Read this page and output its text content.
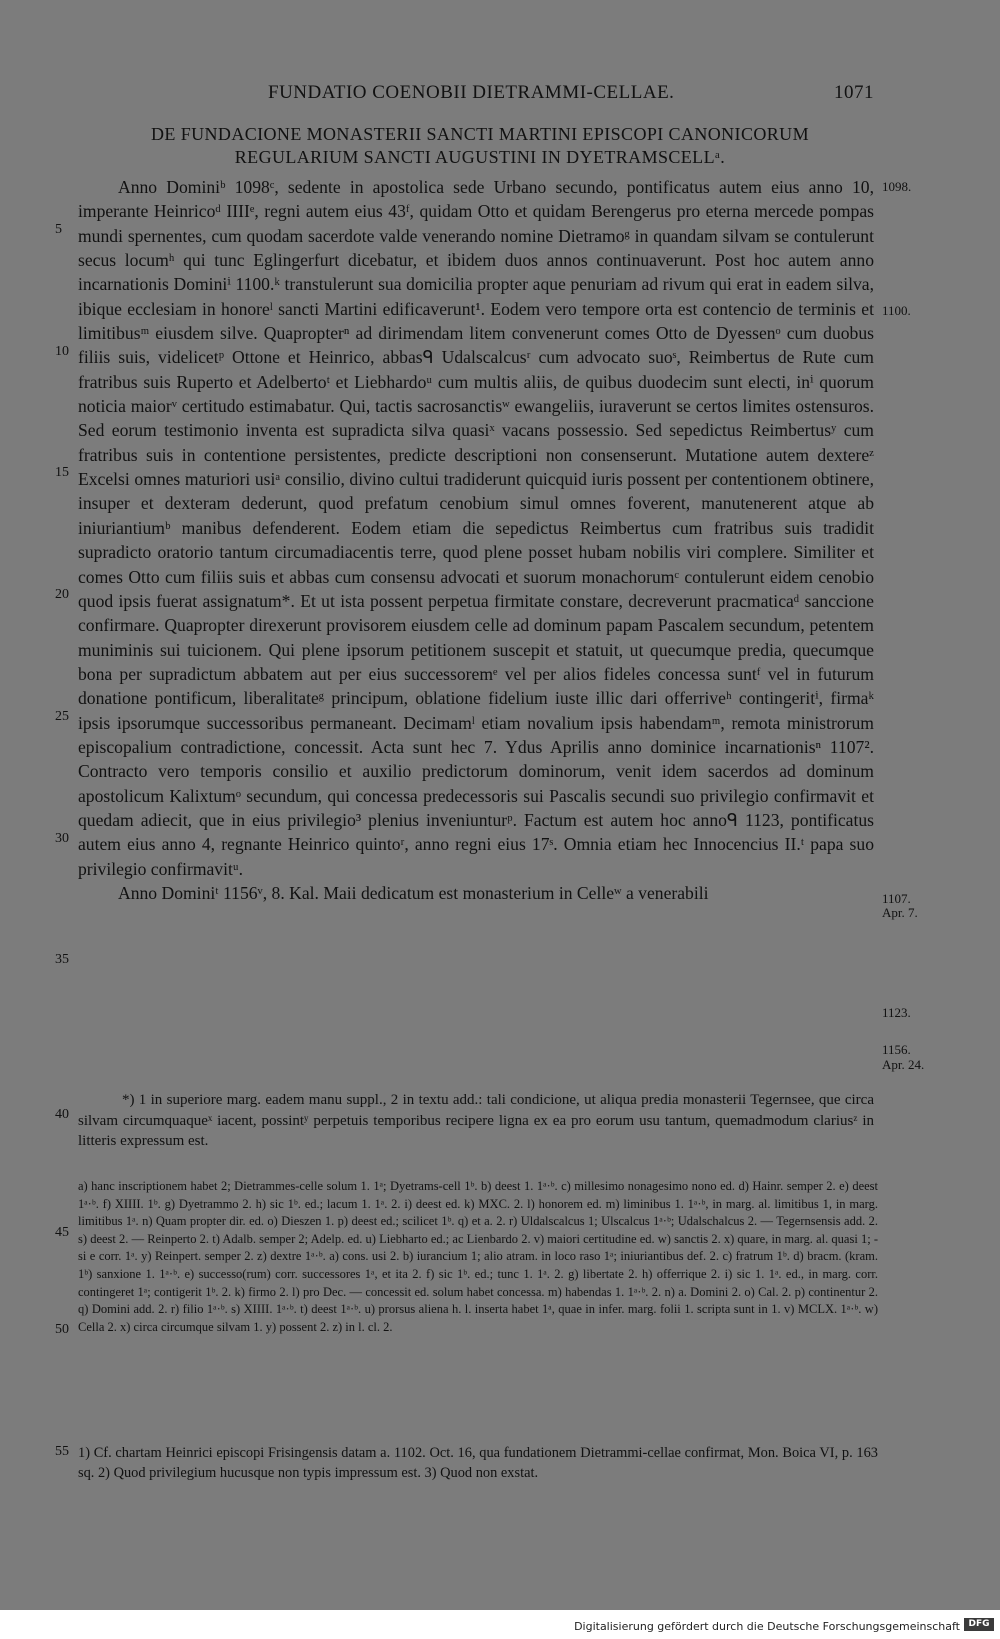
FUNDATIO COENOBII DIETRAMMI-CELLAE.	1071
DE FUNDACIONE MONASTERII SANCTI MARTINI EPISCOPI CANONICORUM
REGULARIUM SANCTI AUGUSTINI IN DYETRAMSCELLᵃ.

Anno Dominiᵇ 1098ᶜ, sedente in apostolica sede Urbano secundo, pontificatus autem eius anno 10, imperante Heinricoᵈ IIIIᵉ, regni autem eius 43ᶠ, quidam Otto et quidam Berengerus pro eterna mercede pompas mundi spernentes, cum quodam sacerdote valde venerando nomine Dietramoᵍ in quandam silvam se contulerunt secus locumʰ qui tunc Eglingerfurt dicebatur, et ibidem duos annos continuaverunt. Post hoc autem anno incarnationis Dominiⁱ 1100.ᵏ transtulerunt sua domicilia propter aque penuriam ad rivum qui erat in eadem silva, ibique ecclesiam in honoreˡ sancti Martini edificaverunt¹. Eodem vero tempore orta est contencio de terminis et limitibusᵐ eiusdem silve. Quapropterⁿ ad dirimendam litem convenerunt comes Otto de Dyessenᵒ cum duobus filiis suis, videlicetᵖ Ottone et Heinrico, abbasᑫ Udalscalcusʳ cum advocato suoˢ, Reimbertus de Rute cum fratribus suis Ruperto et Adelbertoᵗ et Liebhardoᵘ cum multis aliis, de quibus duodecim sunt electi, inⁱ quorum noticia maiorᵛ certitudo estimabatur. Qui, tactis sacrosanctisʷ ewangeliis, iuraverunt se certos limites ostensuros. Sed eorum testimonio inventa est supradicta silva quasiˣ vacans possessio. Sed sepedictus Reimbertusʸ cum fratribus suis in contentione persistentes, predicte descriptioni non consenserunt. Mutatione autem dextereᶻ Excelsi omnes maturiori usiᵃ consilio, divino cultui tradiderunt quicquid iuris possent per contentionem obtinere, insuper et dexteram dederunt, quod prefatum cenobium simul omnes foverent, manutenerent atque ab iniuriantiumᵇ manibus defenderent. Eodem etiam die sepedictus Reimbertus cum fratribus suis tradidit supradicto oratorio tantum circumadiacentis terre, quod plene posset hubam nobilis viri complere. Similiter et comes Otto cum filiis suis et abbas cum consensu advocati et suorum monachorumᶜ contulerunt eidem cenobio quod ipsis fuerat assignatum*. Et ut ista possent perpetua firmitate constare, decreverunt pracmaticaᵈ sanccione confirmare. Quapropter direxerunt provisorem eiusdem celle ad dominum papam Pascalem secundum, petentem muniminis sui tuicionem. Qui plene ipsorum petitionem suscepit et statuit, ut quecumque predia, quecumque bona per supradictum abbatem aut per eius successoremᵉ vel per alios fideles concessa suntᶠ vel in futurum donatione pontificum, liberalitateᵍ principum, oblatione fidelium iuste illic dari offerriveʰ contingeritⁱ, firmaᵏ ipsis ipsorumque successoribus permaneant. Decimamˡ etiam novalium ipsis habendamᵐ, remota ministrorum episcopalium contradictione, concessit. Acta sunt hec 7. Ydus Aprilis anno dominice incarnationisⁿ 1107². Contracto vero temporis consilio et auxilio predictorum dominorum, venit idem sacerdos ad dominum apostolicum Kalixtumᵒ secundum, qui concessa predecessoris sui Pascalis secundi suo privilegio confirmavit et quedam adiecit, que in eius privilegio³ plenius inveniunturᵖ. Factum est autem hoc annoᑫ 1123, pontificatus autem eius anno 4, regnante Heinrico quintoʳ, anno regni eius 17ˢ. Omnia etiam hec Innocencius II.ᵗ papa suo privilegio confirmavitᵘ.

Anno Dominiᵗ 1156ᵛ, 8. Kal. Maii dedicatum est monasterium in Celleʷ a venerabili

5
10
15
20
25
30
35
40
45
50
55
1098.
1100.
1107.
Apr. 7.
1123.
1156.
Apr. 24.

*) 1 in superiore marg. eadem manu suppl., 2 in textu add.: tali condicione, ut aliqua predia monasterii Tegernsee, que circa silvam circumquaqueˣ iacent, possintʸ perpetuis temporibus recipere ligna ex ea pro eorum usu tantum, quemadmodum clariusᶻ in litteris expressum est.

a) hanc inscriptionem habet 2; Dietrammes-celle solum 1. 1ᵃ; Dyetrams-cell 1ᵇ. b) deest 1. 1ᵃ·ᵇ. c) millesimo nonagesimo nono ed. d) Hainr. semper 2. e) deest 1ᵃ·ᵇ. f) XIIII. 1ᵇ. g) Dyetrammo 2. h) sic 1ᵇ. ed.; lacum 1. 1ᵃ. 2. i) deest ed. k) MXC. 2. l) honorem ed. m) liminibus 1. 1ᵃ·ᵇ, in marg. al. limitibus 1, in marg. limitibus 1ᵃ. n) Quam propter dir. ed. o) Dieszen 1. p) deest ed.; scilicet 1ᵇ. q) et a. 2. r) Uldalscalcus 1; Ulscalcus 1ᵃ·ᵇ; Udalschalcus 2. — Tegernsensis add. 2. s) deest 2. — Reinperto 2. t) Adalb. semper 2; Adelp. ed. u) Liebharto ed.; ac Lienbardo 2. v) maiori certitudine ed. w) sanctis 2. x) quare, in marg. al. quasi 1; -si e corr. 1ᵃ. y) Reinpert. semper 2. z) dextre 1ᵃ·ᵇ. a) cons. usi 2. b) iurancium 1; alio atram. in loco raso 1ᵃ; iniuriantibus def. 2. c) fratrum 1ᵇ. d) bracm. (kram. 1ᵇ) sanxione 1. 1ᵃ·ᵇ. e) successo(rum) corr. successores 1ᵃ, et ita 2. f) sic 1ᵇ. ed.; tunc 1. 1ᵃ. 2. g) libertate 2. h) offerrique 2. i) sic 1. 1ᵃ. ed., in marg. corr. contingeret 1ᵃ; contigerit 1ᵇ. 2. k) firmo 2. l) pro Dec. — concessit ed. solum habet concessa. m) habendas 1. 1ᵃ·ᵇ. 2. n) a. Domini 2. o) Cal. 2. p) continentur 2. q) Domini add. 2. r) filio 1ᵃ·ᵇ. s) XIIII. 1ᵃ·ᵇ. t) deest 1ᵃ·ᵇ. u) prorsus aliena h. l. inserta habet 1ᵃ, quae in infer. marg. folii 1. scripta sunt in 1. v) MCLX. 1ᵃ·ᵇ. w) Cella 2. x) circa circumque silvam 1. y) possent 2. z) in l. cl. 2.

1) Cf. chartam Heinrici episcopi Frisingensis datam a. 1102. Oct. 16, qua fundationem Dietrammi-cellae confirmat, Mon. Boica VI, p. 163 sq. 2) Quod privilegium hucusque non typis impressum est. 3) Quod non exstat.

Digitalisierung gefördert durch die Deutsche Forschungsgemeinschaft DFG
